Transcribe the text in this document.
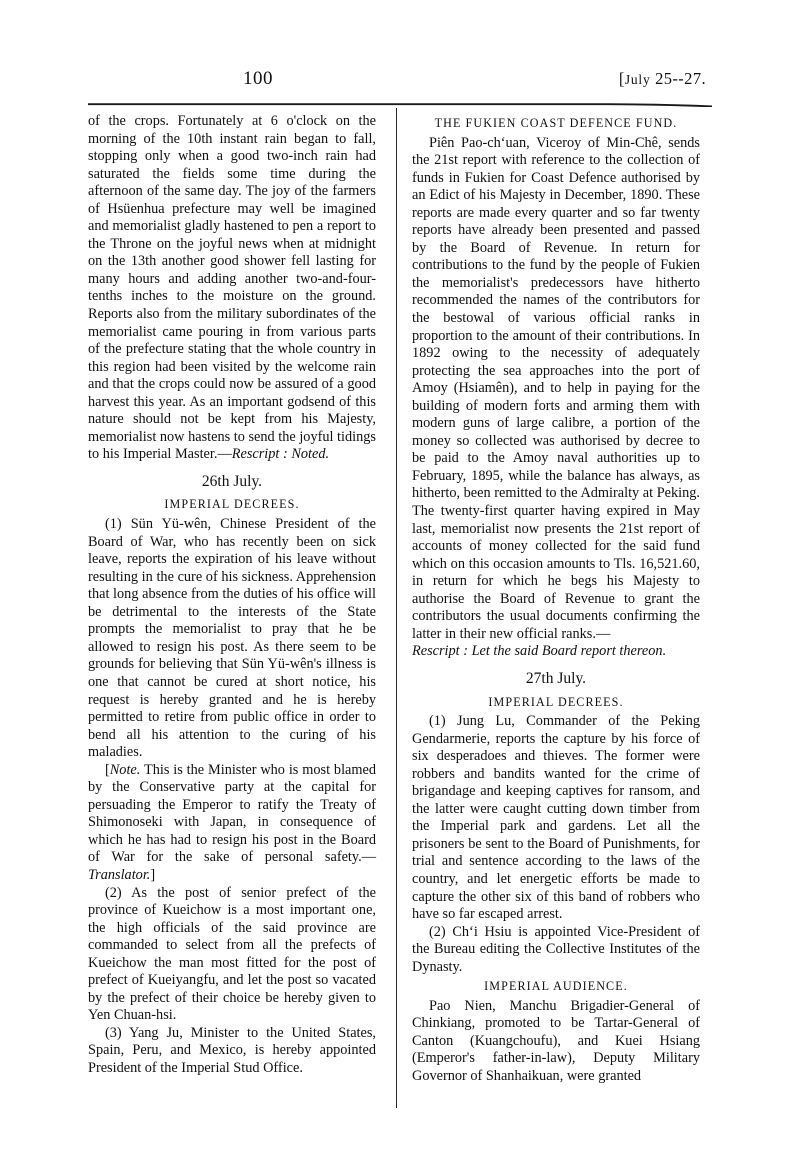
100	[July 25--27.

of the crops. Fortunately at 6 o'clock on the morning of the 10th instant rain began to fall, stopping only when a good two-inch rain had saturated the fields some time during the afternoon of the same day. The joy of the farmers of Hsüenhua prefecture may well be imagined and memorialist gladly hastened to pen a report to the Throne on the joyful news when at midnight on the 13th another good shower fell lasting for many hours and adding another two-and-four-tenths inches to the moisture on the ground. Reports also from the military subordinates of the memorialist came pouring in from various parts of the prefecture stating that the whole country in this region had been visited by the welcome rain and that the crops could now be assured of a good harvest this year. As an important godsend of this nature should not be kept from his Majesty, memorialist now hastens to send the joyful tidings to his Imperial Master.—Rescript : Noted.

26th July.

IMPERIAL DECREES.

(1) Sün Yü-wên, Chinese President of the Board of War, who has recently been on sick leave, reports the expiration of his leave without resulting in the cure of his sickness. Apprehension that long absence from the duties of his office will be detrimental to the interests of the State prompts the memorialist to pray that he be allowed to resign his post. As there seem to be grounds for believing that Sün Yü-wên's illness is one that cannot be cured at short notice, his request is hereby granted and he is hereby permitted to retire from public office in order to bend all his attention to the curing of his maladies.

[Note. This is the Minister who is most blamed by the Conservative party at the capital for persuading the Emperor to ratify the Treaty of Shimonoseki with Japan, in consequence of which he has had to resign his post in the Board of War for the sake of personal safety.—Translator.]

(2) As the post of senior prefect of the province of Kueichow is a most important one, the high officials of the said province are commanded to select from all the prefects of Kueichow the man most fitted for the post of prefect of Kueiyangfu, and let the post so vacated by the prefect of their choice be hereby given to Yen Chuan-hsi.

(3) Yang Ju, Minister to the United States, Spain, Peru, and Mexico, is hereby appointed President of the Imperial Stud Office.

THE FUKIEN COAST DEFENCE FUND.

Piên Pao-ch‘uan, Viceroy of Min-Chê, sends the 21st report with reference to the collection of funds in Fukien for Coast Defence authorised by an Edict of his Majesty in December, 1890. These reports are made every quarter and so far twenty reports have already been presented and passed by the Board of Revenue. In return for contributions to the fund by the people of Fukien the memorialist's predecessors have hitherto recommended the names of the contributors for the bestowal of various official ranks in proportion to the amount of their contributions. In 1892 owing to the necessity of adequately protecting the sea approaches into the port of Amoy (Hsiamên), and to help in paying for the building of modern forts and arming them with modern guns of large calibre, a portion of the money so collected was authorised by decree to be paid to the Amoy naval authorities up to February, 1895, while the balance has always, as hitherto, been remitted to the Admiralty at Peking. The twenty-first quarter having expired in May last, memorialist now presents the 21st report of accounts of money collected for the said fund which on this occasion amounts to Tls. 16,521.60, in return for which he begs his Majesty to authorise the Board of Revenue to grant the contributors the usual documents confirming the latter in their new official ranks.—

Rescript : Let the said Board report thereon.

27th July.

IMPERIAL DECREES.

(1) Jung Lu, Commander of the Peking Gendarmerie, reports the capture by his force of six desperadoes and thieves. The former were robbers and bandits wanted for the crime of brigandage and keeping captives for ransom, and the latter were caught cutting down timber from the Imperial park and gardens. Let all the prisoners be sent to the Board of Punishments, for trial and sentence according to the laws of the country, and let energetic efforts be made to capture the other six of this band of robbers who have so far escaped arrest.

(2) Ch‘i Hsiu is appointed Vice-President of the Bureau editing the Collective Institutes of the Dynasty.

IMPERIAL AUDIENCE.

Pao Nien, Manchu Brigadier-General of Chinkiang, promoted to be Tartar-General of Canton (Kuangchoufu), and Kuei Hsiang (Emperor's father-in-law), Deputy Military Governor of Shanhaikuan, were granted
